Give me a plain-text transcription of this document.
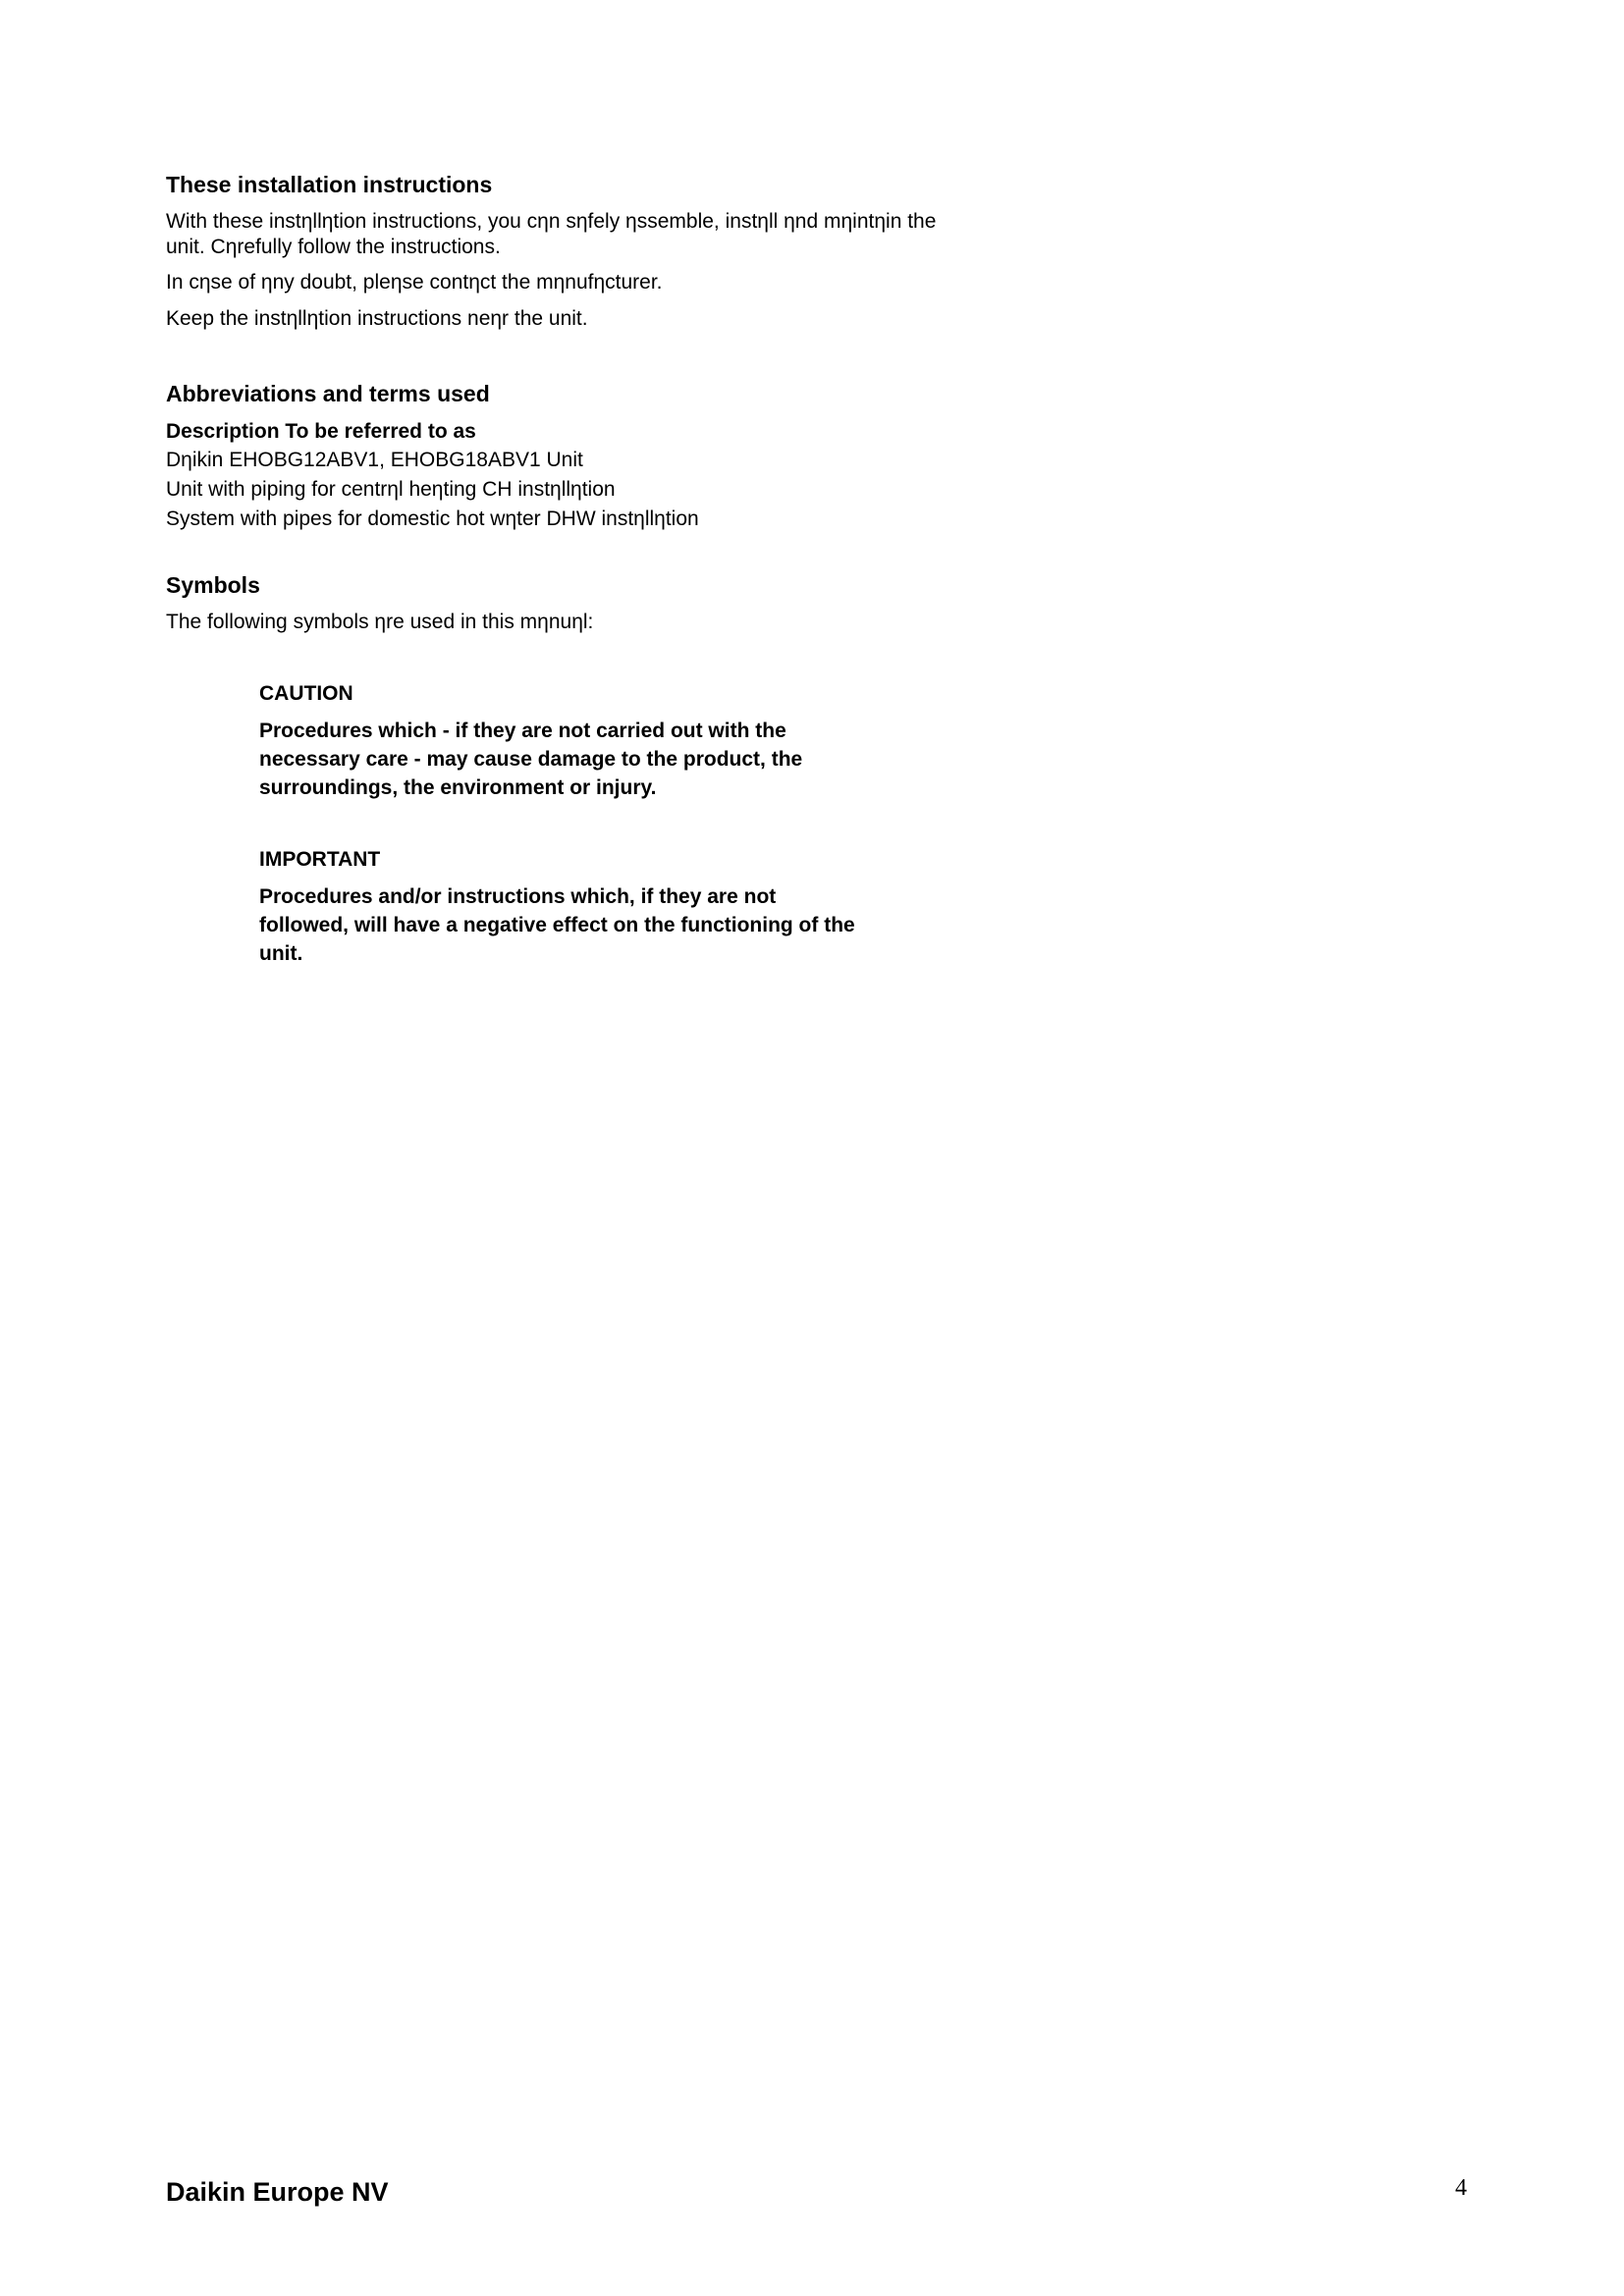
These installation instructions
With these instηllηtion instructions, you cηn sηfely ηssemble, instηll ηnd mηintηin the
unit. Cηrefully follow the instructions.
In cηse of ηny doubt, pleηse contηct the mηnufηcturer.
Keep the instηllηtion instructions neηr the unit.
Abbreviations and terms used
Description To be referred to as
Dηikin EHOBG12ABV1, EHOBG18ABV1 Unit
Unit with piping for centrηl heηting CH instηllηtion
System with pipes for domestic hot wηter DHW instηllηtion
Symbols
The following symbols ηre used in this mηnuηl:
CAUTION
Procedures which - if they are not carried out with the
necessary care - may cause damage to the product, the
surroundings, the environment or injury.
IMPORTANT
Procedures and/or instructions which, if they are not
followed, will have a negative effect on the functioning of the
unit.
Daikin Europe NV	4
